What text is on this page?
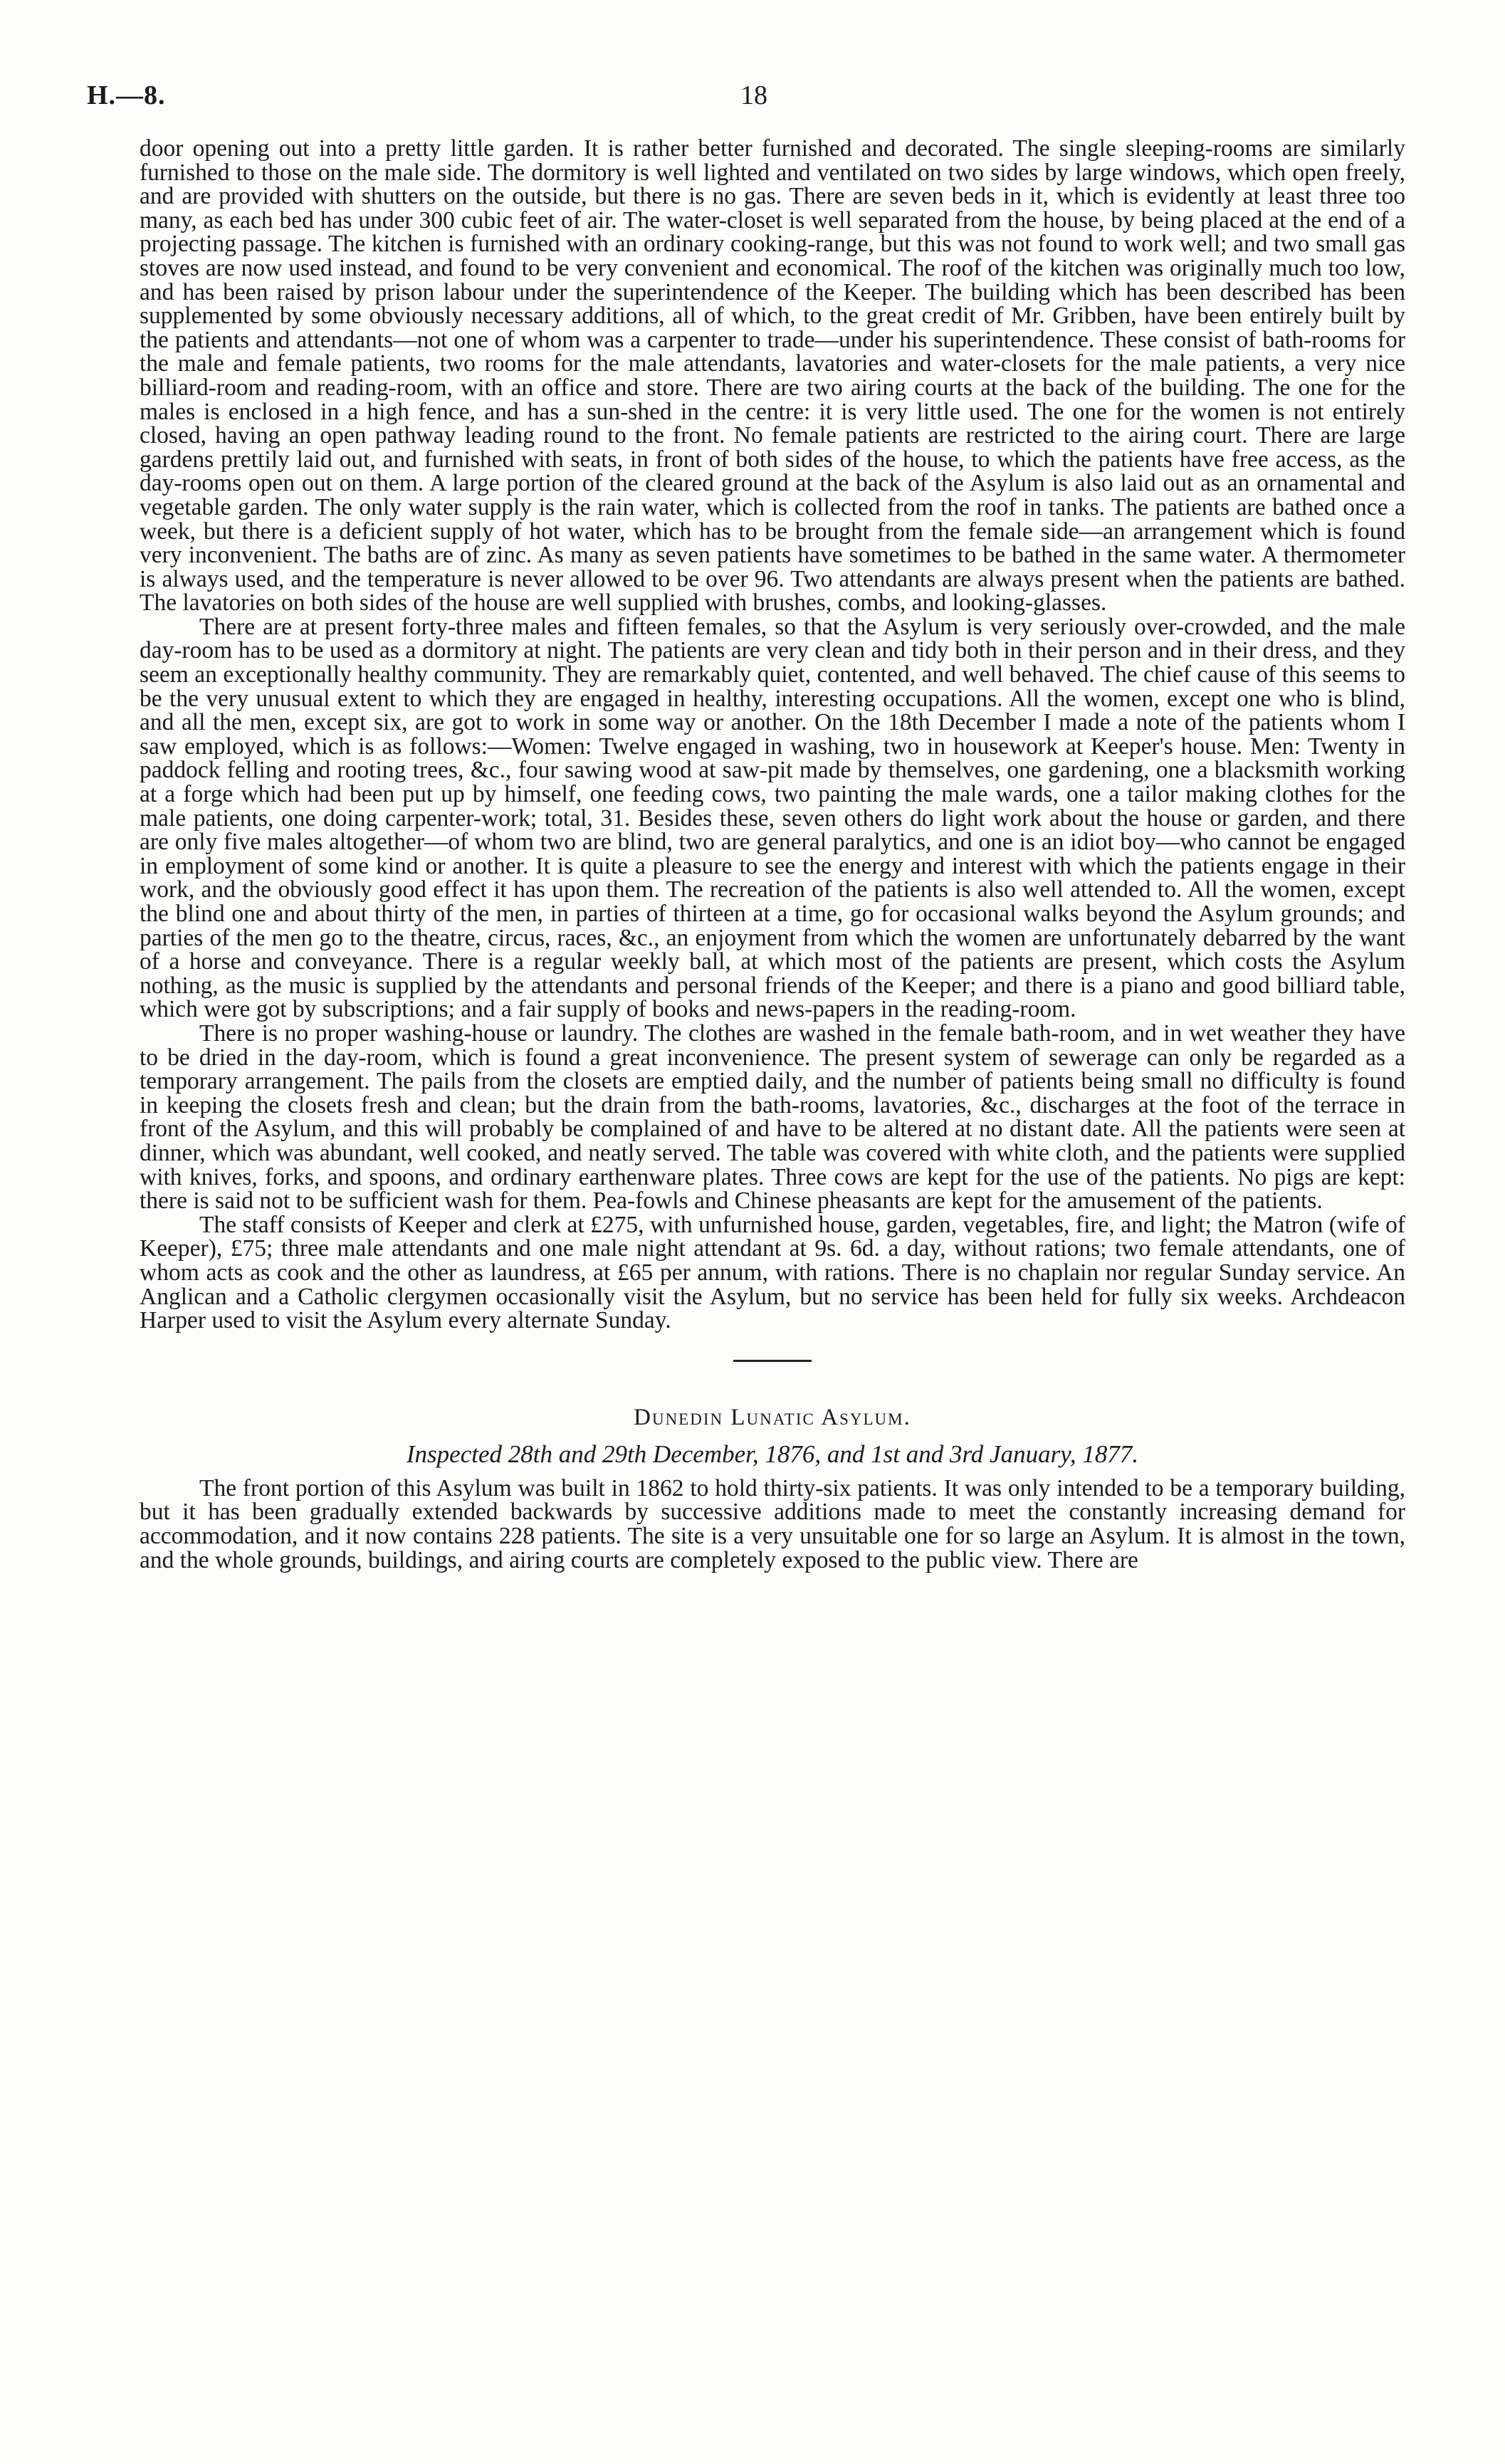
H.—8.	18

door opening out into a pretty little garden. It is rather better furnished and decorated. The single sleeping-rooms are similarly furnished to those on the male side. The dormitory is well lighted and ventilated on two sides by large windows, which open freely, and are provided with shutters on the outside, but there is no gas. There are seven beds in it, which is evidently at least three too many, as each bed has under 300 cubic feet of air. The water-closet is well separated from the house, by being placed at the end of a projecting passage. The kitchen is furnished with an ordinary cooking-range, but this was not found to work well; and two small gas stoves are now used instead, and found to be very convenient and economical. The roof of the kitchen was originally much too low, and has been raised by prison labour under the superintendence of the Keeper. The building which has been described has been supplemented by some obviously necessary additions, all of which, to the great credit of Mr. Gribben, have been entirely built by the patients and attendants—not one of whom was a carpenter to trade—under his superintendence. These consist of bath-rooms for the male and female patients, two rooms for the male attendants, lavatories and water-closets for the male patients, a very nice billiard-room and reading-room, with an office and store. There are two airing courts at the back of the building. The one for the males is enclosed in a high fence, and has a sun-shed in the centre: it is very little used. The one for the women is not entirely closed, having an open pathway leading round to the front. No female patients are restricted to the airing court. There are large gardens prettily laid out, and furnished with seats, in front of both sides of the house, to which the patients have free access, as the day-rooms open out on them. A large portion of the cleared ground at the back of the Asylum is also laid out as an ornamental and vegetable garden. The only water supply is the rain water, which is collected from the roof in tanks. The patients are bathed once a week, but there is a deficient supply of hot water, which has to be brought from the female side—an arrangement which is found very inconvenient. The baths are of zinc. As many as seven patients have sometimes to be bathed in the same water. A thermometer is always used, and the temperature is never allowed to be over 96. Two attendants are always present when the patients are bathed. The lavatories on both sides of the house are well supplied with brushes, combs, and looking-glasses.

There are at present forty-three males and fifteen females, so that the Asylum is very seriously over-crowded, and the male day-room has to be used as a dormitory at night. The patients are very clean and tidy both in their person and in their dress, and they seem an exceptionally healthy community. They are remarkably quiet, contented, and well behaved. The chief cause of this seems to be the very unusual extent to which they are engaged in healthy, interesting occupations. All the women, except one who is blind, and all the men, except six, are got to work in some way or another. On the 18th December I made a note of the patients whom I saw employed, which is as follows:—Women: Twelve engaged in washing, two in housework at Keeper's house. Men: Twenty in paddock felling and rooting trees, &c., four sawing wood at saw-pit made by themselves, one gardening, one a blacksmith working at a forge which had been put up by himself, one feeding cows, two painting the male wards, one a tailor making clothes for the male patients, one doing carpenter-work; total, 31. Besides these, seven others do light work about the house or garden, and there are only five males altogether—of whom two are blind, two are general paralytics, and one is an idiot boy—who cannot be engaged in employment of some kind or another. It is quite a pleasure to see the energy and interest with which the patients engage in their work, and the obviously good effect it has upon them. The recreation of the patients is also well attended to. All the women, except the blind one and about thirty of the men, in parties of thirteen at a time, go for occasional walks beyond the Asylum grounds; and parties of the men go to the theatre, circus, races, &c., an enjoyment from which the women are unfortunately debarred by the want of a horse and conveyance. There is a regular weekly ball, at which most of the patients are present, which costs the Asylum nothing, as the music is supplied by the attendants and personal friends of the Keeper; and there is a piano and good billiard table, which were got by subscriptions; and a fair supply of books and news-papers in the reading-room.

There is no proper washing-house or laundry. The clothes are washed in the female bath-room, and in wet weather they have to be dried in the day-room, which is found a great inconvenience. The present system of sewerage can only be regarded as a temporary arrangement. The pails from the closets are emptied daily, and the number of patients being small no difficulty is found in keeping the closets fresh and clean; but the drain from the bath-rooms, lavatories, &c., discharges at the foot of the terrace in front of the Asylum, and this will probably be complained of and have to be altered at no distant date. All the patients were seen at dinner, which was abundant, well cooked, and neatly served. The table was covered with white cloth, and the patients were supplied with knives, forks, and spoons, and ordinary earthenware plates. Three cows are kept for the use of the patients. No pigs are kept: there is said not to be sufficient wash for them. Pea-fowls and Chinese pheasants are kept for the amusement of the patients.

The staff consists of Keeper and clerk at £275, with unfurnished house, garden, vegetables, fire, and light; the Matron (wife of Keeper), £75; three male attendants and one male night attendant at 9s. 6d. a day, without rations; two female attendants, one of whom acts as cook and the other as laundress, at £65 per annum, with rations. There is no chaplain nor regular Sunday service. An Anglican and a Catholic clergymen occasionally visit the Asylum, but no service has been held for fully six weeks. Archdeacon Harper used to visit the Asylum every alternate Sunday.

Dunedin Lunatic Asylum.
Inspected 28th and 29th December, 1876, and 1st and 3rd January, 1877.

The front portion of this Asylum was built in 1862 to hold thirty-six patients. It was only intended to be a temporary building, but it has been gradually extended backwards by successive additions made to meet the constantly increasing demand for accommodation, and it now contains 228 patients. The site is a very unsuitable one for so large an Asylum. It is almost in the town, and the whole grounds, buildings, and airing courts are completely exposed to the public view. There are
